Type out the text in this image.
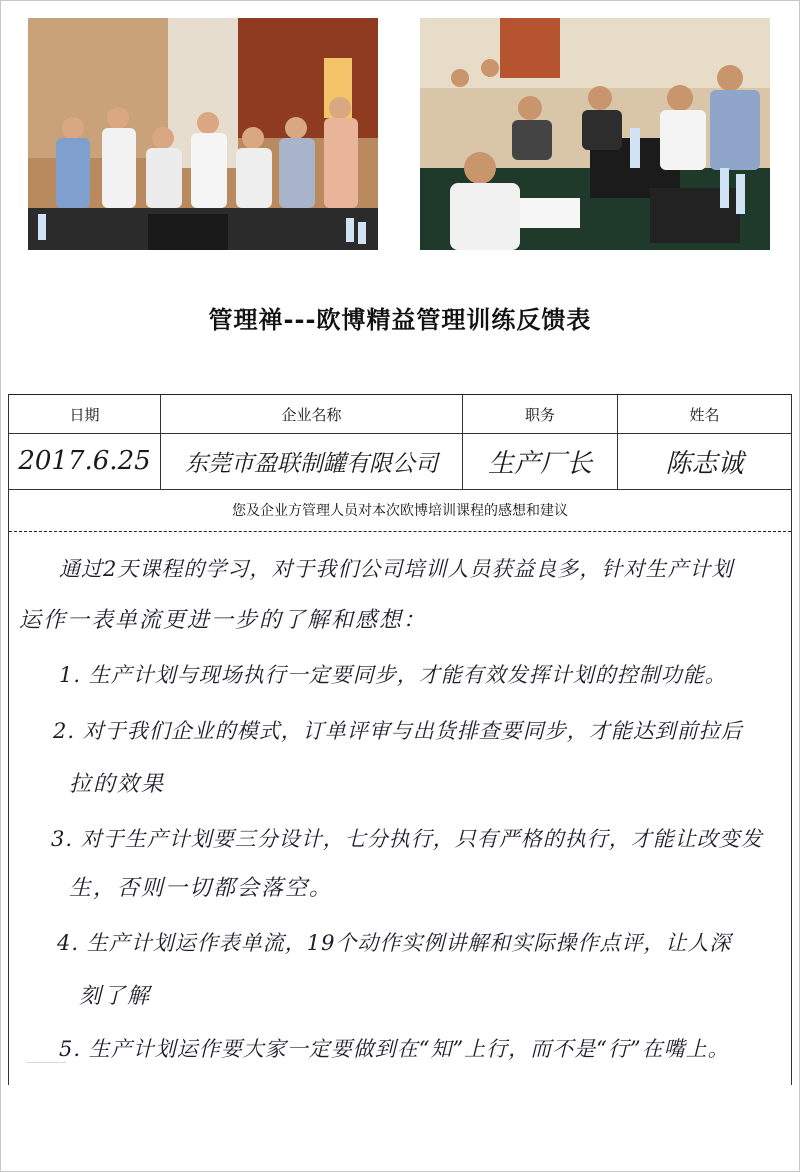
管理禅---欧博精益管理训练反馈表
日期	企业名称	职务	姓名
2017.6.25	东莞市盈联制罐有限公司	生产厂长	陈志诚
您及企业方管理人员对本次欧博培训课程的感想和建议
通过2天课程的学习，对于我们公司培训人员获益良多，针对生产计划
运作一表单流更进一步的了解和感想：
1. 生产计划与现场执行一定要同步，才能有效发挥计划的控制功能。
2. 对于我们企业的模式，订单评审与出货排查要同步，才能达到前拉后
拉的效果
3. 对于生产计划要三分设计，七分执行，只有严格的执行，才能让改变发
生，否则一切都会落空。
4. 生产计划运作表单流，19个动作实例讲解和实际操作点评，让人深
刻了解
5. 生产计划运作要大家一定要做到在“知”上行，而不是“行”在嘴上。
